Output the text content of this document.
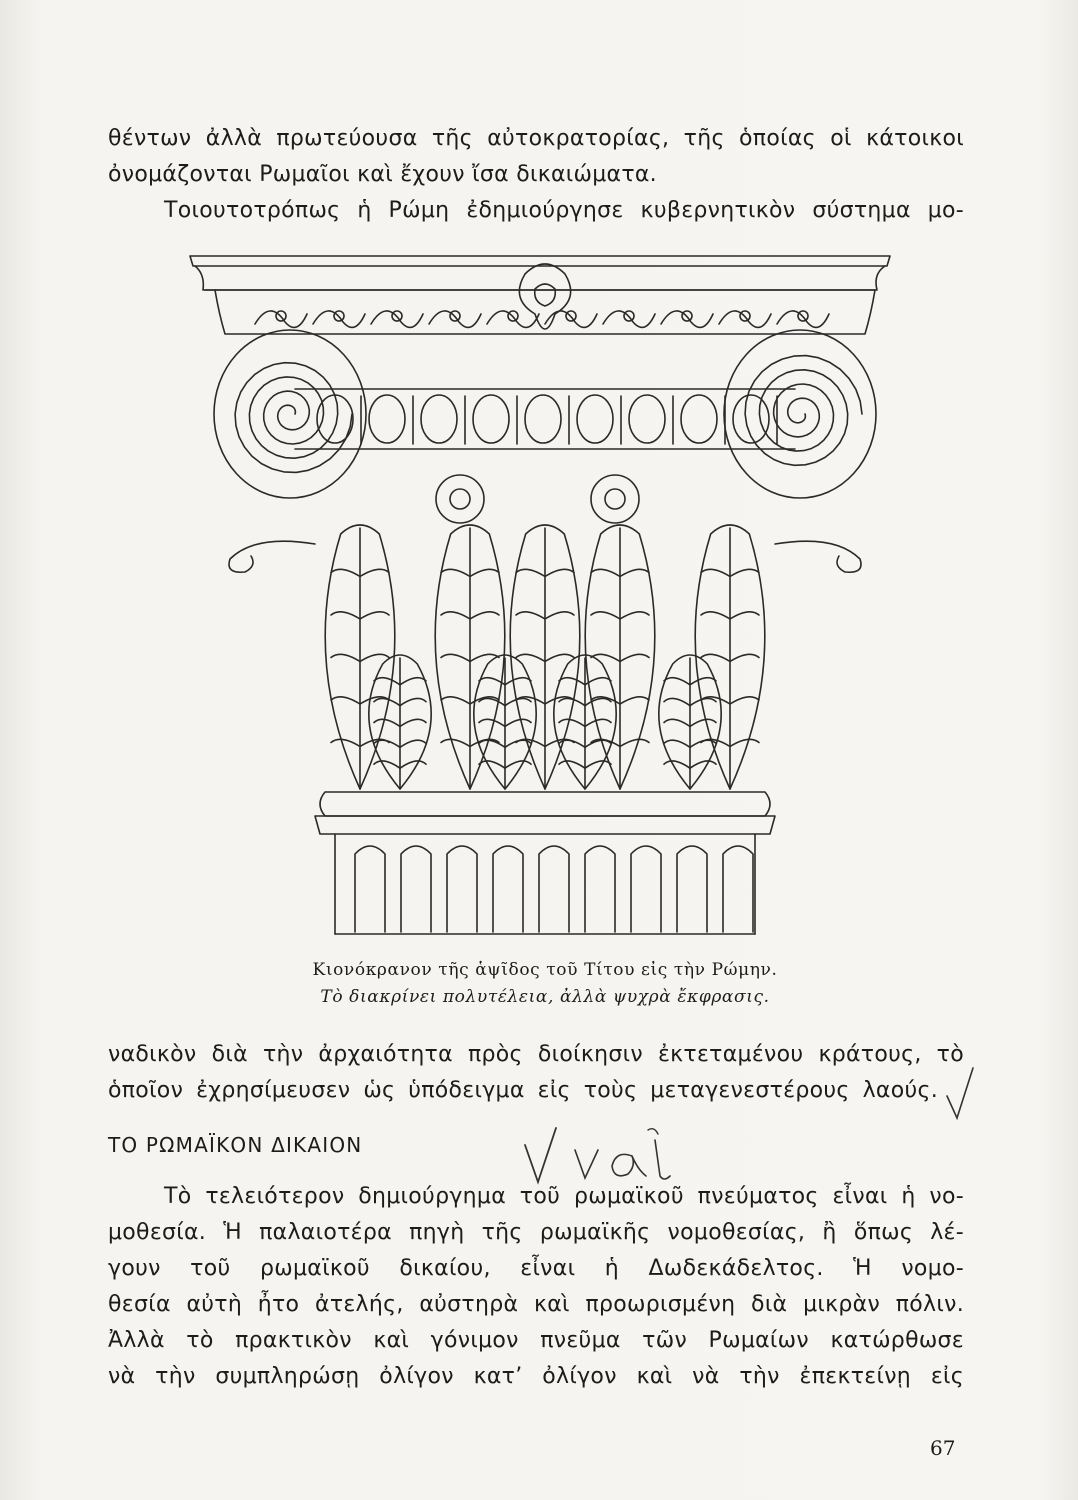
θέντων ἀλλὰ πρωτεύουσα τῆς αὐτοκρατορίας, τῆς ὁποίας οἱ κάτοικοι
ὀνομάζονται Ρωμαῖοι καὶ ἔχουν ἴσα δικαιώματα.
Τοιουτοτρόπως ἡ Ρώμη ἐδημιούργησε κυβερνητικὸν σύστημα μο-
Κιονόκρανον τῆς ἁψῖδος τοῦ Τίτου εἰς τὴν Ρώμην.
Τὸ διακρίνει πολυτέλεια, ἀλλὰ ψυχρὰ ἔκφρασις.
ναδικὸν διὰ τὴν ἀρχαιότητα πρὸς διοίκησιν ἐκτεταμένου κράτους, τὸ
ὁποῖον ἐχρησίμευσεν ὡς ὑπόδειγμα εἰς τοὺς μεταγενεστέρους λαούς.
ΤΟ ΡΩΜΑΪΚΟΝ ΔΙΚΑΙΟΝ
Τὸ τελειότερον δημιούργημα τοῦ ρωμαϊκοῦ πνεύματος εἶναι ἡ νο-
μοθεσία. Ἡ παλαιοτέρα πηγὴ τῆς ρωμαϊκῆς νομοθεσίας, ἢ ὅπως λέ-
γουν τοῦ ρωμαϊκοῦ δικαίου, εἶναι ἡ Δωδεκάδελτος. Ἡ νομο-
θεσία αὐτὴ ἦτο ἀτελής, αὐστηρὰ καὶ προωρισμένη διὰ μικρὰν πόλιν.
Ἀλλὰ τὸ πρακτικὸν καὶ γόνιμον πνεῦμα τῶν Ρωμαίων κατώρθωσε
νὰ τὴν συμπληρώσῃ ὀλίγον κατ’ ὀλίγον καὶ νὰ τὴν ἐπεκτείνῃ εἰς
67
